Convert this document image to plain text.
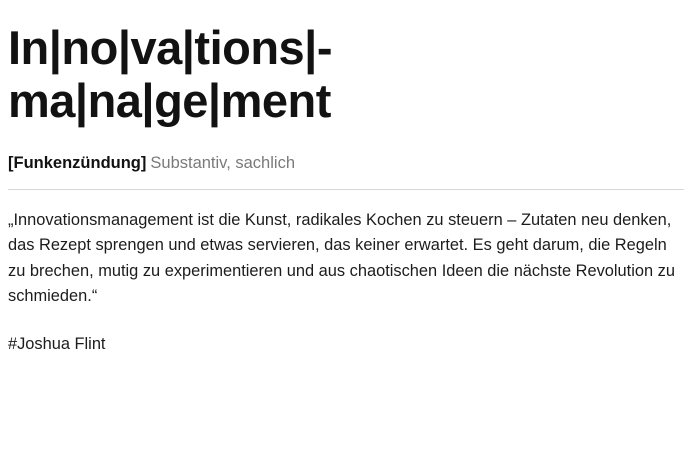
In|no|va|tions|-
ma|na|ge|ment
[Funkenzündung] Substantiv, sachlich

„Innovationsmanagement ist die Kunst, radikales Kochen zu steuern – Zutaten neu denken, das Rezept sprengen und etwas servieren, das keiner erwartet. Es geht darum, die Regeln zu brechen, mutig zu experimentieren und aus chaotischen Ideen die nächste Revolution zu schmieden.“

#Joshua Flint
